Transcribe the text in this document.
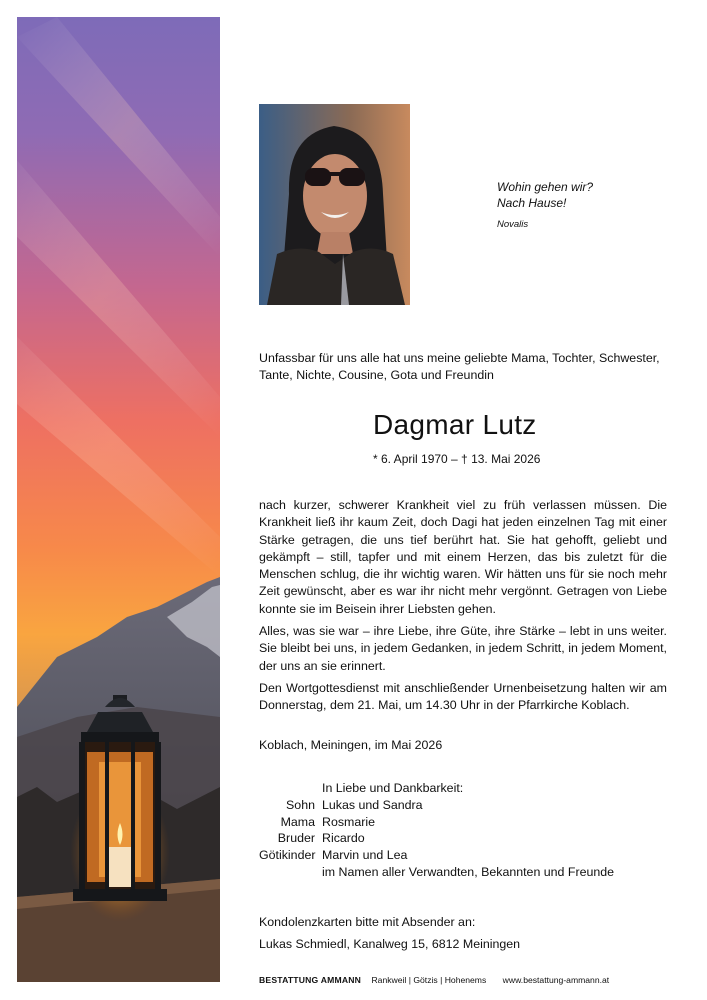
Wohin gehen wir?
Nach Hause!
Novalis
Unfassbar für uns alle hat uns meine geliebte Mama, Tochter, Schwester, Tante, Nichte, Cousine, Gota und Freundin
Dagmar Lutz
* 6. April 1970 – † 13. Mai 2026

nach kurzer, schwerer Krankheit viel zu früh verlassen müssen. Die Krankheit ließ ihr kaum Zeit, doch Dagi hat jeden einzelnen Tag mit einer Stärke getragen, die uns tief berührt hat. Sie hat gehofft, geliebt und gekämpft – still, tapfer und mit einem Herzen, das bis zuletzt für die Menschen schlug, die ihr wichtig waren. Wir hätten uns für sie noch mehr Zeit gewünscht, aber es war ihr nicht mehr vergönnt. Getragen von Liebe konnte sie im Beisein ihrer Liebsten gehen.

Alles, was sie war – ihre Liebe, ihre Güte, ihre Stärke – lebt in uns weiter. Sie bleibt bei uns, in jedem Gedanken, in jedem Schritt, in jedem Moment, der uns an sie erinnert.

Den Wortgottesdienst mit anschließender Urnenbeisetzung halten wir am Donnerstag, dem 21. Mai, um 14.30 Uhr in der Pfarrkirche Koblach.

Koblach, Meiningen, im Mai 2026
In Liebe und Dankbarkeit:
Sohn Lukas und Sandra
Mama Rosmarie
Bruder Ricardo
Götikinder Marvin und Lea
im Namen aller Verwandten, Bekannten und Freunde
Kondolenzkarten bitte mit Absender an:
Lukas Schmiedl, Kanalweg 15, 6812 Meiningen
BESTATTUNG AMMANN Rankweil | Götzis | Hohenems www.bestattung-ammann.at
